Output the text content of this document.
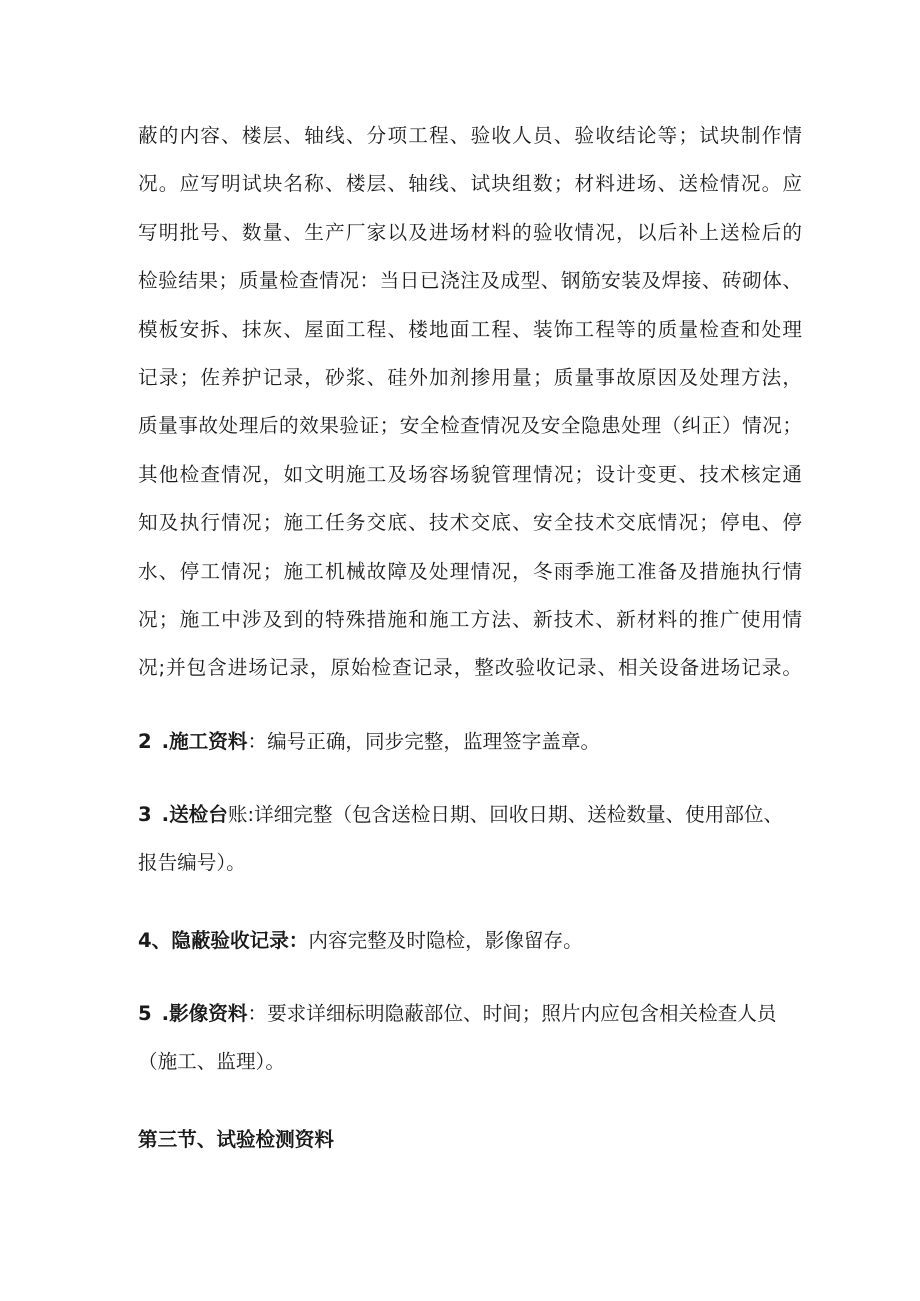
蔽的内容、楼层、轴线、分项工程、验收人员、验收结论等；试块制作情
况。应写明试块名称、楼层、轴线、试块组数；材料进场、送检情况。应
写明批号、数量、生产厂家以及进场材料的验收情况，以后补上送检后的
检验结果；质量检查情况：当日已浇注及成型、钢筋安装及焊接、砖砌体、
模板安拆、抹灰、屋面工程、楼地面工程、装饰工程等的质量检查和处理
记录；佐养护记录，砂浆、硅外加剂掺用量；质量事故原因及处理方法，
质量事故处理后的效果验证；安全检查情况及安全隐患处理（纠正）情况；
其他检查情况，如文明施工及场容场貌管理情况；设计变更、技术核定通
知及执行情况；施工任务交底、技术交底、安全技术交底情况；停电、停
水、停工情况；施工机械故障及处理情况，冬雨季施工准备及措施执行情
况；施工中涉及到的特殊措施和施工方法、新技术、新材料的推广使用情
况;并包含进场记录，原始检查记录，整改验收记录、相关设备进场记录。
2 .施工资料：编号正确，同步完整，监理签字盖章。
3 .送检台账:详细完整（包含送检日期、回收日期、送检数量、使用部位、
报告编号）。
4、隐蔽验收记录：内容完整及时隐检，影像留存。
5 .影像资料：要求详细标明隐蔽部位、时间；照片内应包含相关检查人员
（施工、监理）。
第三节、试验检测资料
